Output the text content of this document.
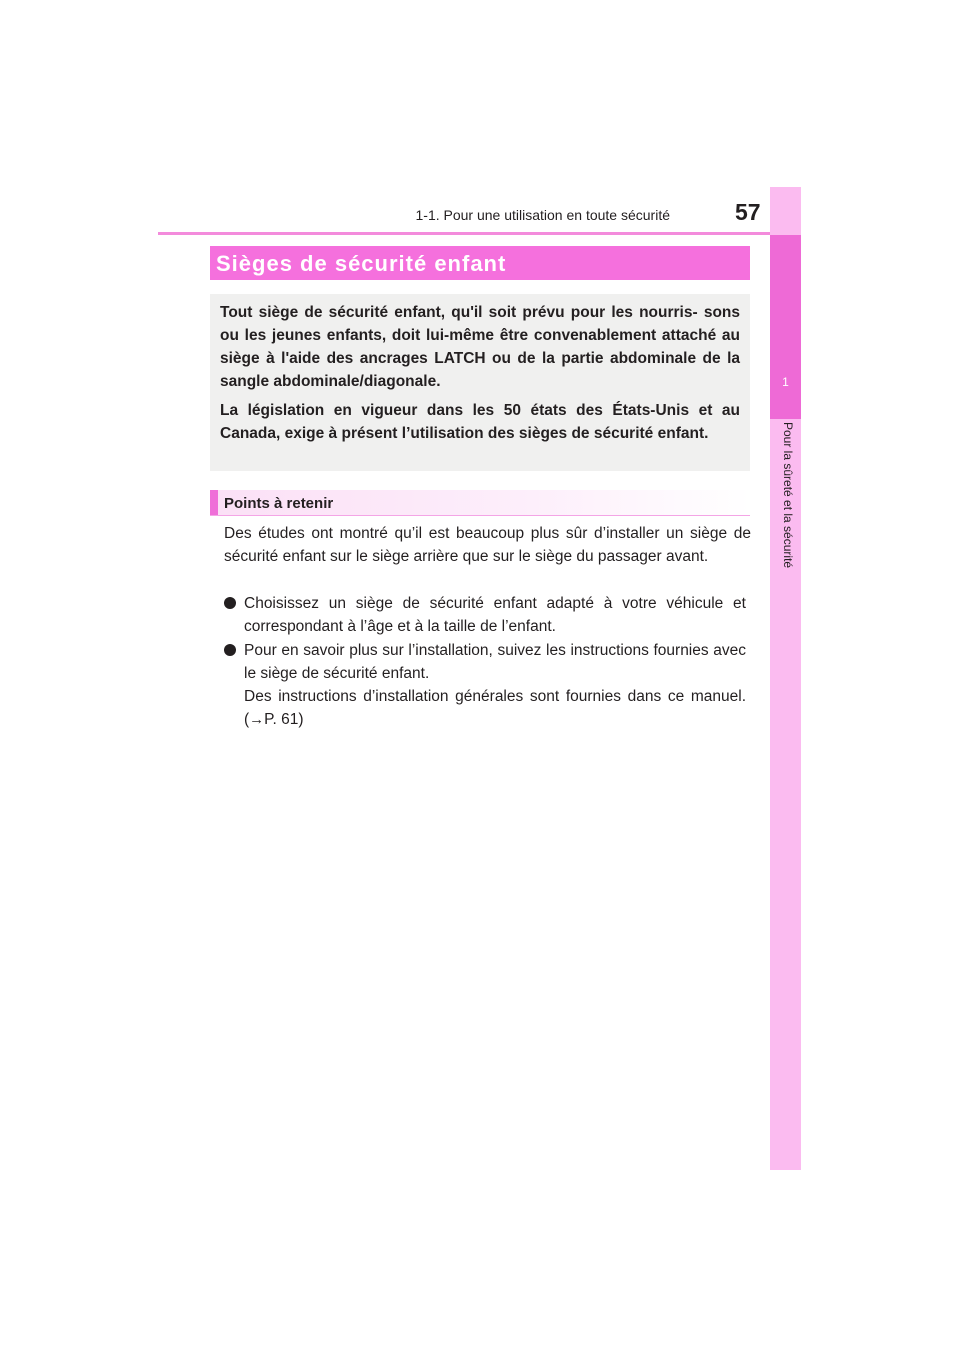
1-1. Pour une utilisation en toute sécurité	57
1
Pour la sûreté et la sécurité
Sièges de sécurité enfant

Tout siège de sécurité enfant, qu'il soit prévu pour les nourris- sons ou les jeunes enfants, doit lui-même être convenablement attaché au siège à l'aide des ancrages LATCH ou de la partie abdominale de la sangle abdominale/diagonale.

La législation en vigueur dans les 50 états des États-Unis et au Canada, exige à présent l’utilisation des sièges de sécurité enfant.

Points à retenir

Des études ont montré qu’il est beaucoup plus sûr d’installer un siège de sécurité enfant sur le siège arrière que sur le siège du passager avant.

Choisissez un siège de sécurité enfant adapté à votre véhicule et correspondant à l’âge et à la taille de l’enfant.

Pour en savoir plus sur l’installation, suivez les instructions fournies avec le siège de sécurité enfant.

Des instructions d’installation générales sont fournies dans ce manuel. (→P. 61)
